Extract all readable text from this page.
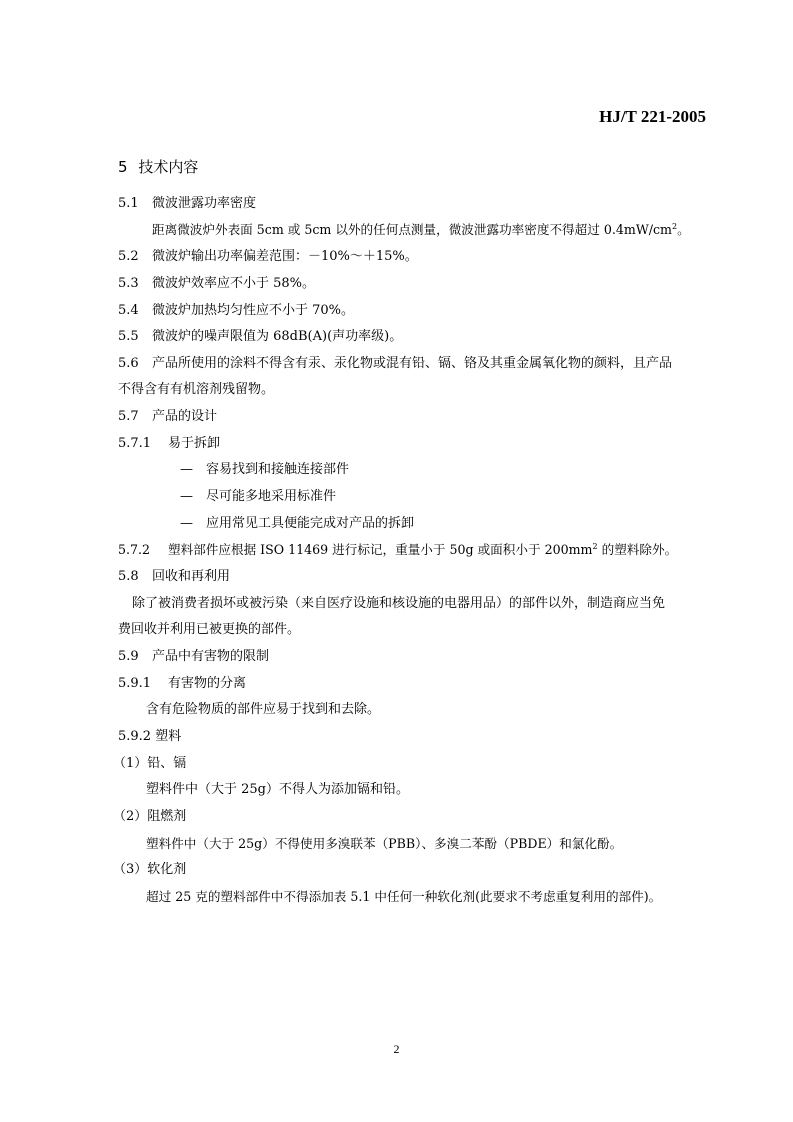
HJ/T 221-2005
5 技术内容
5.1 微波泄露功率密度
距离微波炉外表面 5cm 或 5cm 以外的任何点测量，微波泄露功率密度不得超过 $0.4mW/cm^2$。
5.2 微波炉输出功率偏差范围：－10%～＋15%。
5.3 微波炉效率应不小于 58%。
5.4 微波炉加热均匀性应不小于 70%。
5.5 微波炉的噪声限值为 68dB(A)(声功率级)。
5.6 产品所使用的涂料不得含有汞、汞化物或混有铅、镉、铬及其重金属氧化物的颜料，且产品
不得含有有机溶剂残留物。
5.7 产品的设计
5.7.1 易于拆卸
— 容易找到和接触连接部件
— 尽可能多地采用标准件
— 应用常见工具便能完成对产品的拆卸
5.7.2 塑料部件应根据 ISO 11469 进行标记，重量小于 50g 或面积小于 $200mm^2$ 的塑料除外。
5.8 回收和再利用
除了被消费者损坏或被污染（来自医疗设施和核设施的电器用品）的部件以外，制造商应当免
费回收并利用已被更换的部件。
5.9 产品中有害物的限制
5.9.1 有害物的分离
含有危险物质的部件应易于找到和去除。
5.9.2 塑料
（1）铅、镉
塑料件中（大于 25g）不得人为添加镉和铅。
（2）阻燃剂
塑料件中（大于 25g）不得使用多溴联苯（PBB）、多溴二苯酚（PBDE）和氯化酚。
（3）软化剂
超过 25 克的塑料部件中不得添加表 5.1 中任何一种软化剂(此要求不考虑重复利用的部件)。
2
